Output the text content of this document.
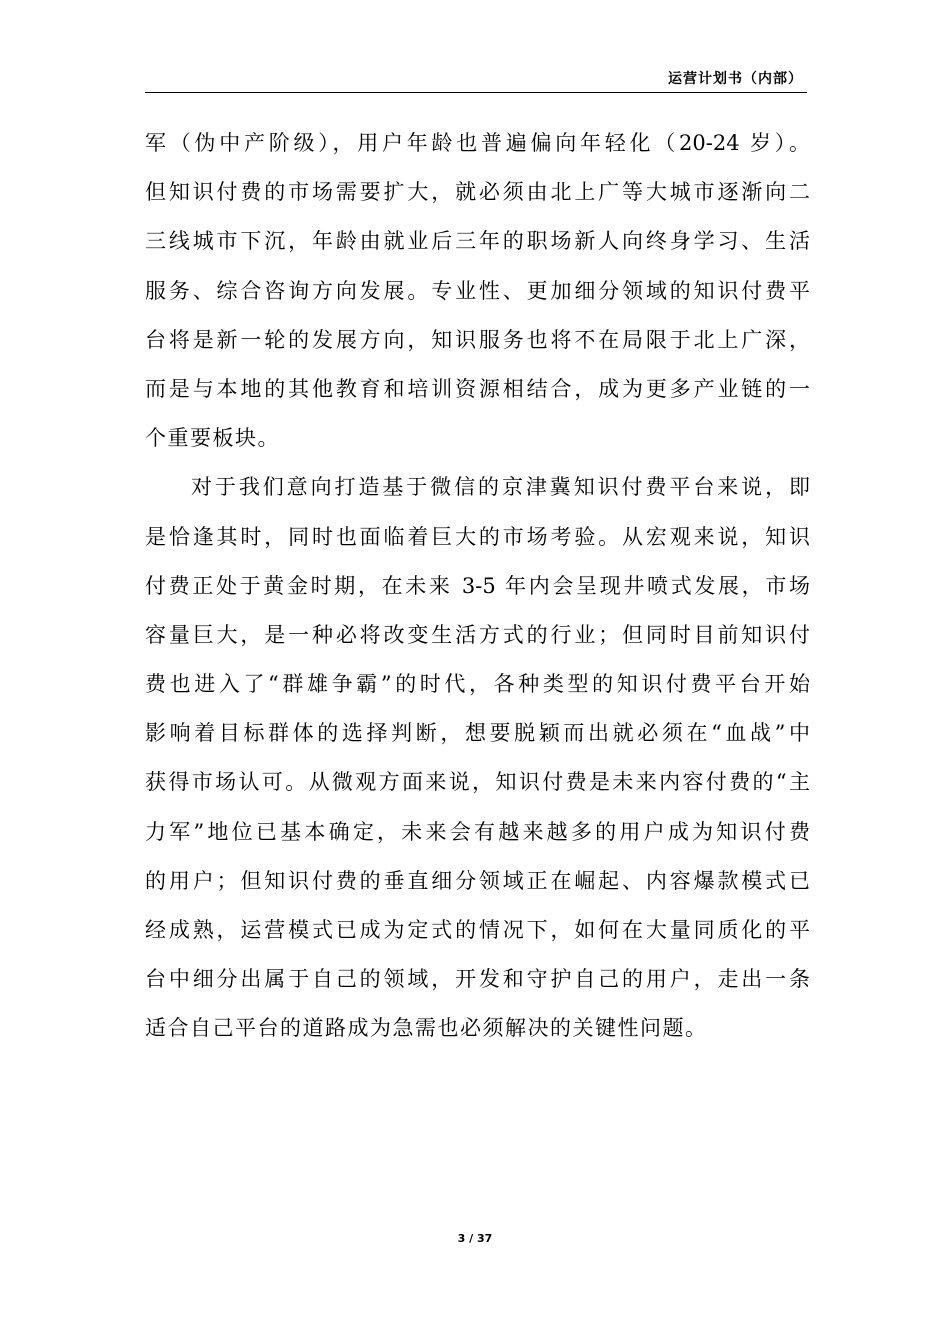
运营计划书（内部）
军（伪中产阶级），用户年龄也普遍偏向年轻化（20-24 岁）。
但知识付费的市场需要扩大，就必须由北上广等大城市逐渐向二
三线城市下沉，年龄由就业后三年的职场新人向终身学习、生活
服务、综合咨询方向发展。专业性、更加细分领域的知识付费平
台将是新一轮的发展方向，知识服务也将不在局限于北上广深，
而是与本地的其他教育和培训资源相结合，成为更多产业链的一
个重要板块。
对于我们意向打造基于微信的京津冀知识付费平台来说，即
是恰逢其时，同时也面临着巨大的市场考验。从宏观来说，知识
付费正处于黄金时期，在未来 3-5 年内会呈现井喷式发展，市场
容量巨大，是一种必将改变生活方式的行业；但同时目前知识付
费也进入了“群雄争霸”的时代，各种类型的知识付费平台开始
影响着目标群体的选择判断，想要脱颖而出就必须在“血战”中
获得市场认可。从微观方面来说，知识付费是未来内容付费的“主
力军”地位已基本确定，未来会有越来越多的用户成为知识付费
的用户；但知识付费的垂直细分领域正在崛起、内容爆款模式已
经成熟，运营模式已成为定式的情况下，如何在大量同质化的平
台中细分出属于自己的领域，开发和守护自己的用户，走出一条
适合自己平台的道路成为急需也必须解决的关键性问题。
3 / 37
